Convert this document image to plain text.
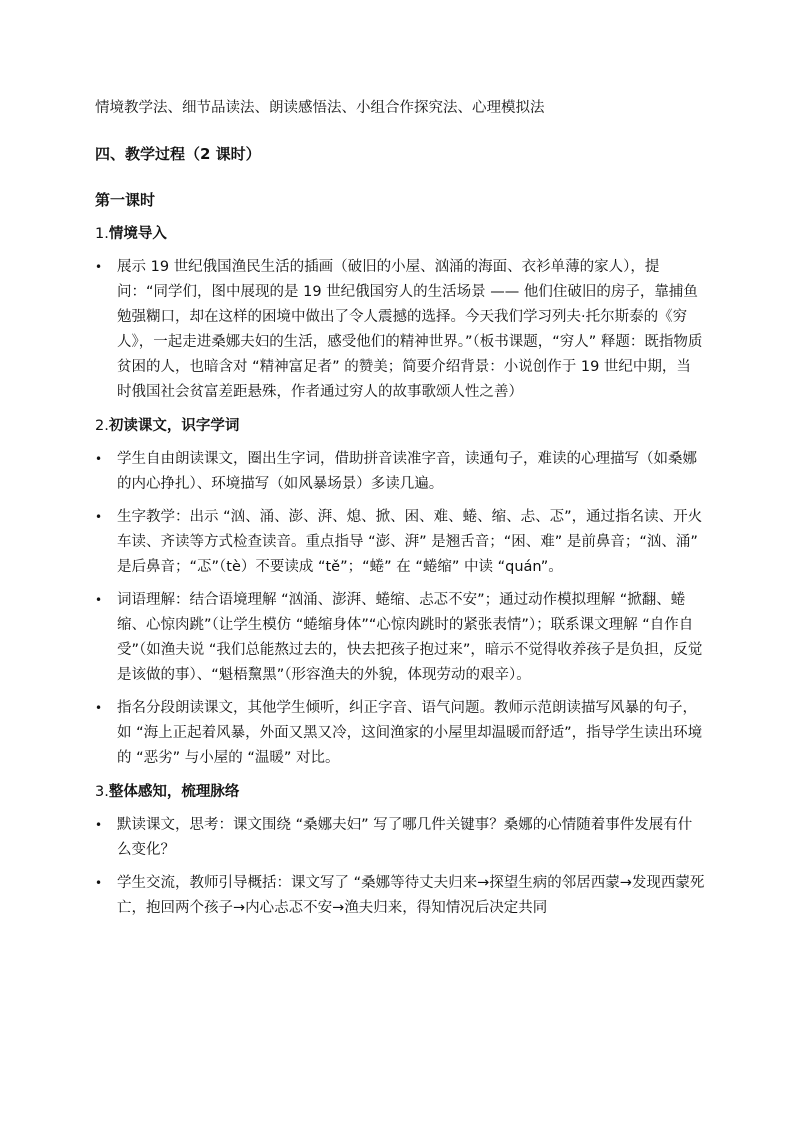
情境教学法、细节品读法、朗读感悟法、小组合作探究法、心理模拟法

四、教学过程（2 课时）

第一课时

1.情境导入

•	展示 19 世纪俄国渔民生活的插画（破旧的小屋、汹涌的海面、衣衫单薄的家人），提问：“同学们，图中展现的是 19 世纪俄国穷人的生活场景 —— 他们住破旧的房子，靠捕鱼勉强糊口，却在这样的困境中做出了令人震撼的选择。今天我们学习列夫·托尔斯泰的《穷人》，一起走进桑娜夫妇的生活，感受他们的精神世界。”（板书课题，“穷人” 释题：既指物质贫困的人，也暗含对 “精神富足者” 的赞美；简要介绍背景：小说创作于 19 世纪中期，当时俄国社会贫富差距悬殊，作者通过穷人的故事歌颂人性之善）

2.初读课文，识字学词

•	学生自由朗读课文，圈出生字词，借助拼音读准字音，读通句子，难读的心理描写（如桑娜的内心挣扎）、环境描写（如风暴场景）多读几遍。
•	生字教学：出示 “汹、涌、澎、湃、熄、掀、困、难、蜷、缩、忐、忑”，通过指名读、开火车读、齐读等方式检查读音。重点指导 “澎、湃” 是翘舌音；“困、难” 是前鼻音；“汹、涌” 是后鼻音；“忑”（tè）不要读成 “tě”；“蜷” 在 “蜷缩” 中读 “quán”。
•	词语理解：结合语境理解 “汹涌、澎湃、蜷缩、忐忑不安”；通过动作模拟理解 “掀翻、蜷缩、心惊肉跳”（让学生模仿 “蜷缩身体”“心惊肉跳时的紧张表情”）；联系课文理解 “自作自受”（如渔夫说 “我们总能熬过去的，快去把孩子抱过来”，暗示不觉得收养孩子是负担，反觉是该做的事）、“魁梧黧黑”（形容渔夫的外貌，体现劳动的艰辛）。
•	指名分段朗读课文，其他学生倾听，纠正字音、语气问题。教师示范朗读描写风暴的句子，如 “海上正起着风暴，外面又黑又冷，这间渔家的小屋里却温暖而舒适”，指导学生读出环境的 “恶劣” 与小屋的 “温暖” 对比。

3.整体感知，梳理脉络

•	默读课文，思考：课文围绕 “桑娜夫妇” 写了哪几件关键事？桑娜的心情随着事件发展有什么变化？
•	学生交流，教师引导概括：课文写了 “桑娜等待丈夫归来→探望生病的邻居西蒙→发现西蒙死亡，抱回两个孩子→内心忐忑不安→渔夫归来，得知情况后决定共同
